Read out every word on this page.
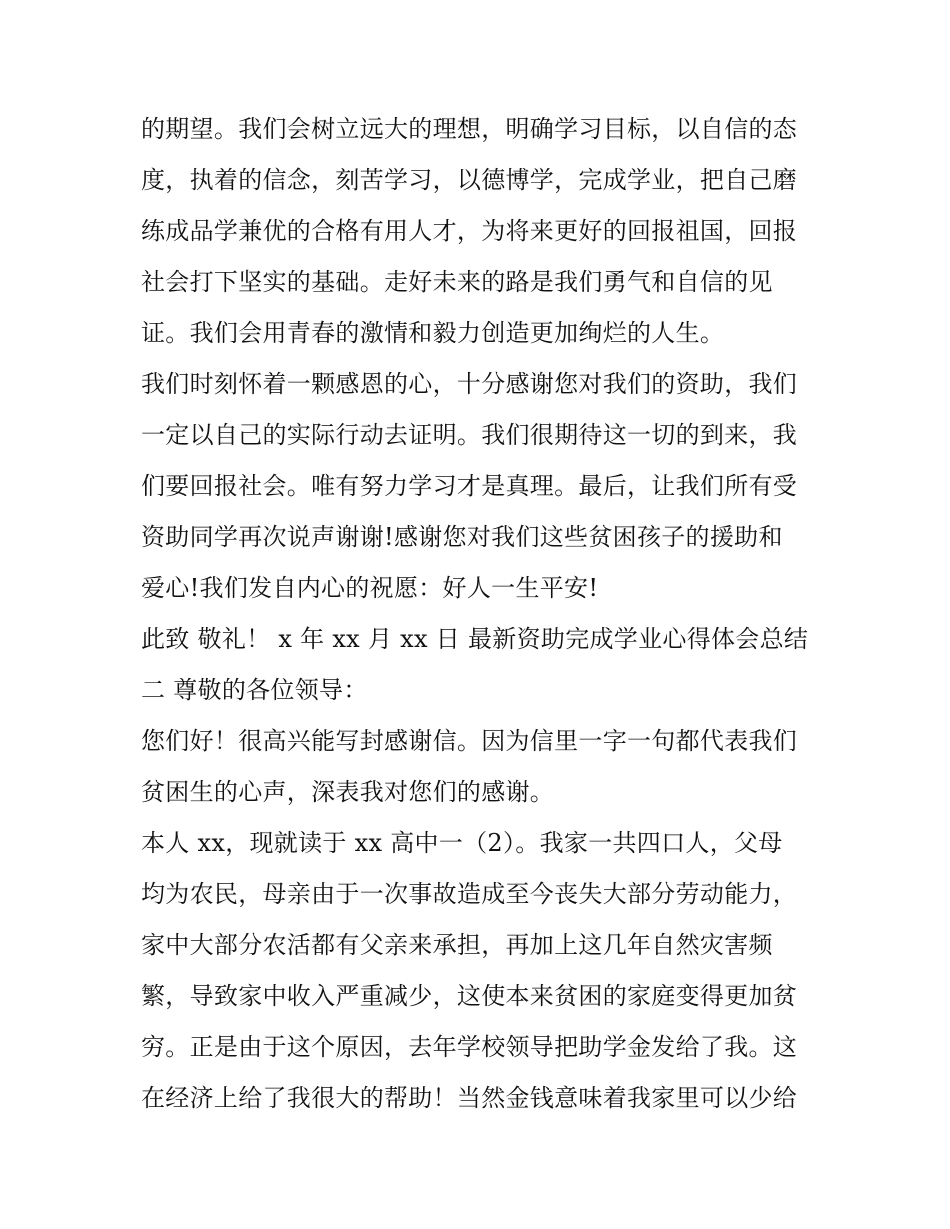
的期望。我们会树立远大的理想，明确学习目标，以自信的态
度，执着的信念，刻苦学习，以德博学，完成学业，把自己磨
练成品学兼优的合格有用人才，为将来更好的回报祖国，回报
社会打下坚实的基础。走好未来的路是我们勇气和自信的见
证。我们会用青春的激情和毅力创造更加绚烂的人生。
我们时刻怀着一颗感恩的心，十分感谢您对我们的资助，我们
一定以自己的实际行动去证明。我们很期待这一切的到来，我
们要回报社会。唯有努力学习才是真理。最后，让我们所有受
资助同学再次说声谢谢!感谢您对我们这些贫困孩子的援助和
爱心!我们发自内心的祝愿：好人一生平安!
此致 敬礼！ x 年 xx 月 xx 日 最新资助完成学业心得体会总结
二 尊敬的各位领导：
您们好！很高兴能写封感谢信。因为信里一字一句都代表我们
贫困生的心声，深表我对您们的感谢。
本人 xx，现就读于 xx 高中一（2）。我家一共四口人，父母
均为农民，母亲由于一次事故造成至今丧失大部分劳动能力，
家中大部分农活都有父亲来承担，再加上这几年自然灾害频
繁，导致家中收入严重减少，这使本来贫困的家庭变得更加贫
穷。正是由于这个原因，去年学校领导把助学金发给了我。这
在经济上给了我很大的帮助！当然金钱意味着我家里可以少给
